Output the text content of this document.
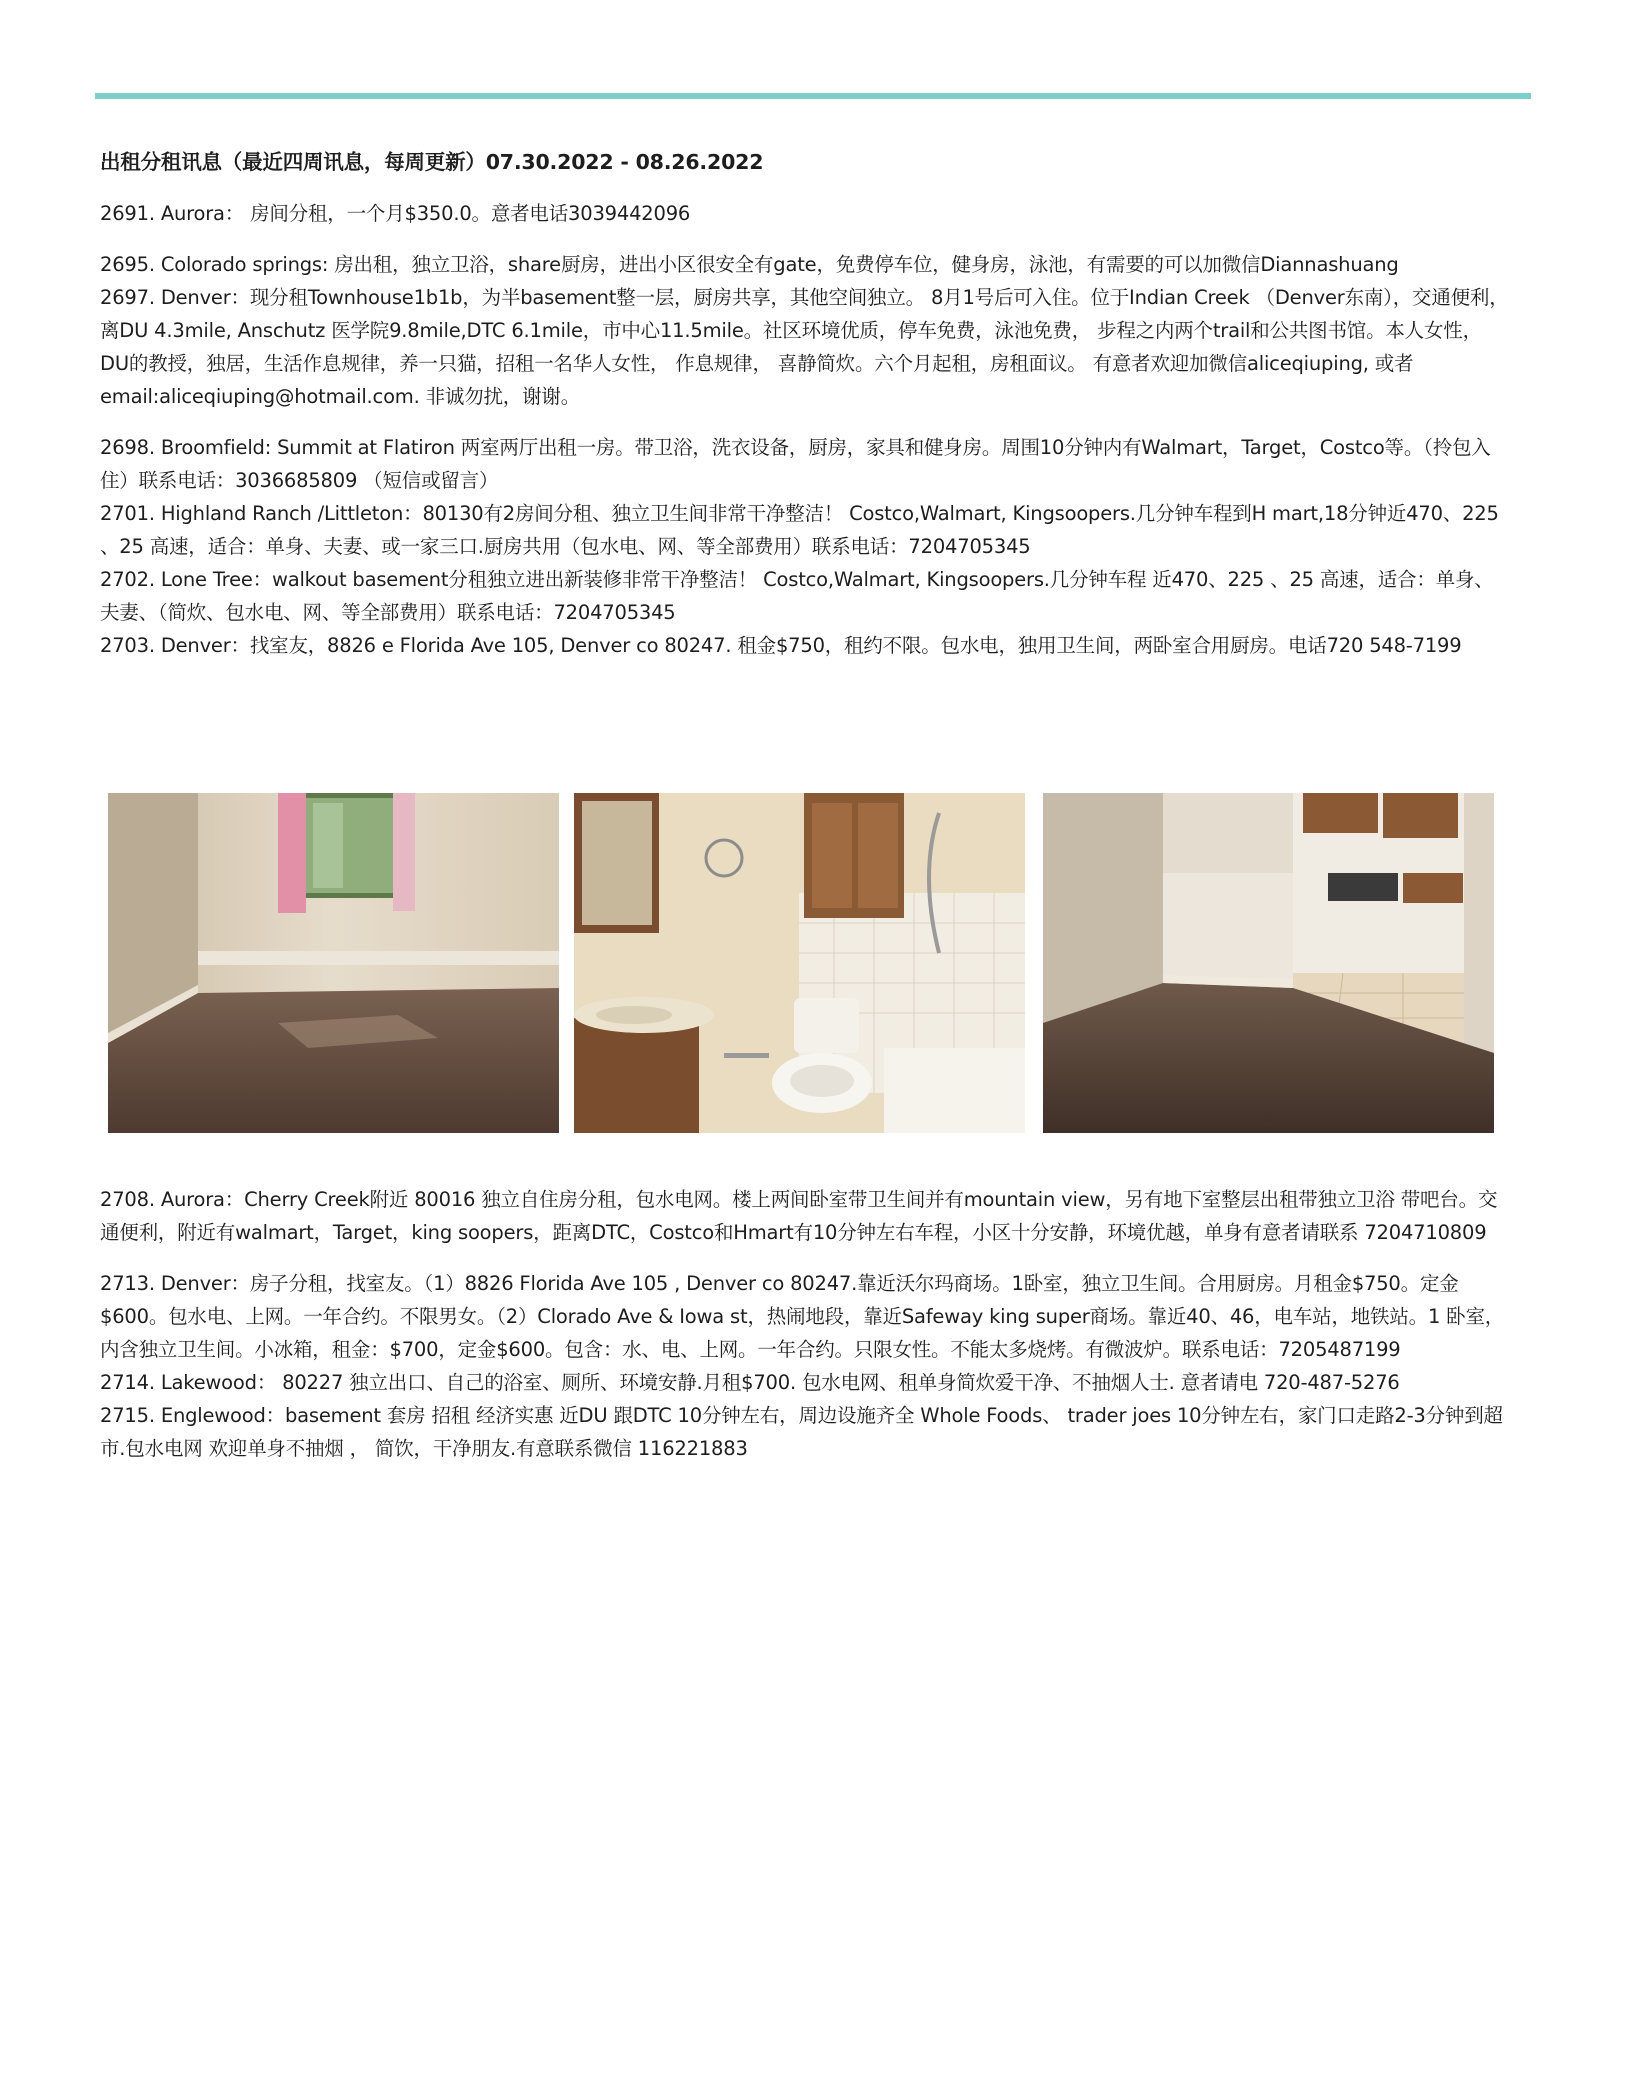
出租分租讯息（最近四周讯息，每周更新）07.30.2022 - 08.26.2022

2691. Aurora： 房间分租，一个月$350.0。意者电话3039442096

2695. Colorado springs: 房出租，独立卫浴，share厨房，进出小区很安全有gate，免费停车位，健身房，泳池，有需要的可以加微信Diannashuang

2697. Denver：现分租Townhouse1b1b，为半basement整一层，厨房共享，其他空间独立。 8月1号后可入住。位于Indian Creek （Denver东南），交通便利，离DU 4.3mile, Anschutz 医学院9.8mile,DTC 6.1mile，市中心11.5mile。社区环境优质，停车免费，泳池免费， 步程之内两个trail和公共图书馆。本人女性，DU的教授，独居，生活作息规律，养一只猫，招租一名华人女性， 作息规律， 喜静简炊。六个月起租，房租面议。 有意者欢迎加微信aliceqiuping, 或者email:aliceqiuping@hotmail.com. 非诚勿扰，谢谢。

2698. Broomfield: Summit at Flatiron 两室两厅出租一房。带卫浴，洗衣设备，厨房，家具和健身房。周围10分钟内有Walmart，Target，Costco等。（拎包入住）联系电话：3036685809 （短信或留言）

2701. Highland Ranch /Littleton：80130有2房间分租、独立卫生间非常干净整洁！ Costco,Walmart, Kingsoopers.几分钟车程到H mart,18分钟近470、225 、25 高速，适合：单身、夫妻、或一家三口.厨房共用（包水电、网、等全部费用）联系电话：7204705345

2702. Lone Tree：walkout basement分租独立进出新装修非常干净整洁！ Costco,Walmart, Kingsoopers.几分钟车程 近470、225 、25 高速，适合：单身、夫妻、（简炊、包水电、网、等全部费用）联系电话：7204705345

2703. Denver：找室友，8826 e Florida Ave 105, Denver co 80247. 租金$750，租约不限。包水电，独用卫生间，两卧室合用厨房。电话720 548-7199

2708. Aurora：Cherry Creek附近 80016 独立自住房分租，包水电网。楼上两间卧室带卫生间并有mountain view，另有地下室整层出租带独立卫浴 带吧台。交通便利，附近有walmart，Target，king soopers，距离DTC，Costco和Hmart有10分钟左右车程，小区十分安静，环境优越，单身有意者请联系 7204710809

2713. Denver：房子分租，找室友。（1）8826 Florida Ave 105 , Denver co 80247.靠近沃尔玛商场。1卧室，独立卫生间。合用厨房。月租金$750。定金$600。包水电、上网。一年合约。不限男女。（2）Clorado Ave & Iowa st，热闹地段，靠近Safeway king super商场。靠近40、46，电车站，地铁站。1 卧室，内含独立卫生间。小冰箱，租金：$700，定金$600。包含：水、电、上网。一年合约。只限女性。不能太多烧烤。有微波炉。联系电话：7205487199

2714. Lakewood： 80227 独立出口、自己的浴室、厕所、环境安静.月租$700. 包水电网、租单身简炊爱干净、不抽烟人士. 意者请电 720-487-5276

2715. Englewood：basement 套房 招租 经济实惠 近DU 跟DTC 10分钟左右，周边设施齐全 Whole Foods、 trader joes 10分钟左右，家门口走路2-3分钟到超市.包水电网 欢迎单身不抽烟 ， 简饮，干净朋友.有意联系微信 116221883
